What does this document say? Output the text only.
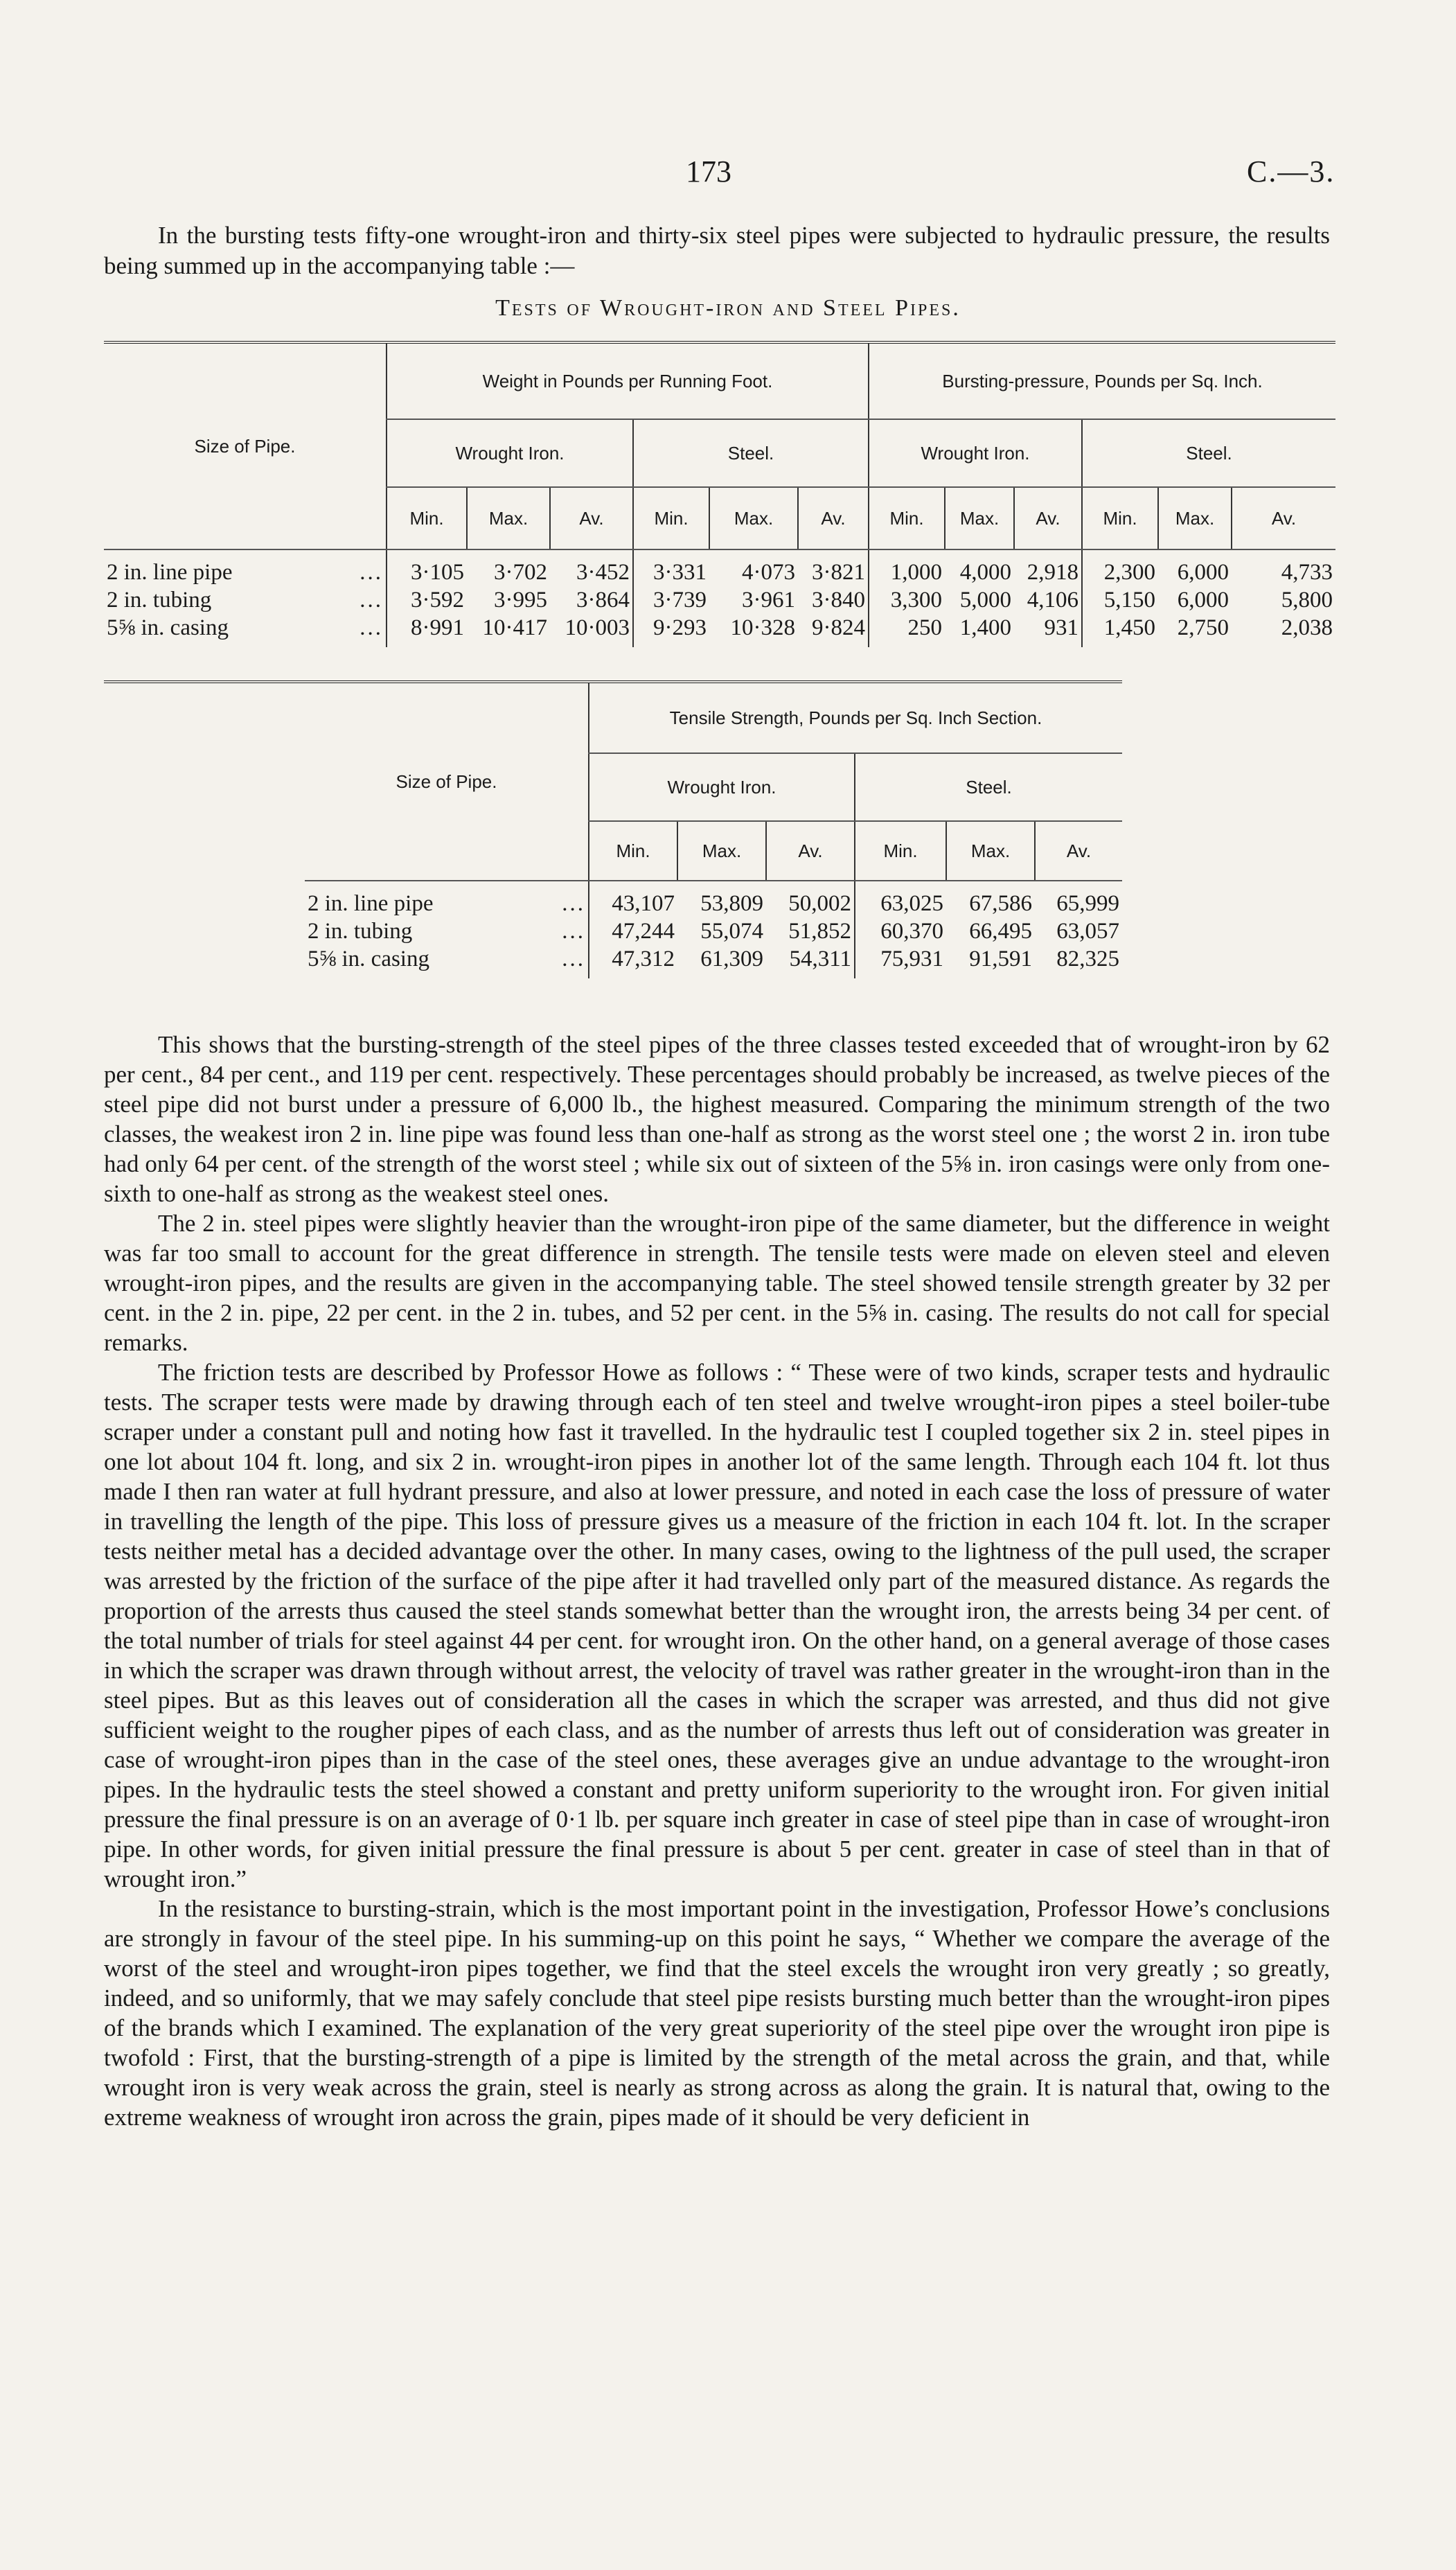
173	C.—3.

In the bursting tests fifty-one wrought-iron and thirty-six steel pipes were subjected to hydraulic pressure, the results being summed up in the accompanying table :—

Tests of Wrought-iron and Steel Pipes.
Size of Pipe.	Weight in Pounds per Running Foot.						Bursting-pressure, Pounds per Sq. Inch.					
	Wrought Iron.			Steel.			Wrought Iron.			Steel.		
	Min.	Max.	Av.	Min.	Max.	Av.	Min.	Max.	Av.	Min.	Max.	Av.
2 in. line pipe ...	3·105	3·702	3·452	3·331	4·073	3·821	1,000	4,000	2,918	2,300	6,000	4,733
2 in. tubing ...	3·592	3·995	3·864	3·739	3·961	3·840	3,300	5,000	4,106	5,150	6,000	5,800
5⅝ in. casing ...	8·991	10·417	10·003	9·293	10·328	9·824	250	1,400	931	1,450	2,750	2,038
Size of Pipe.	Tensile Strength, Pounds per Sq. Inch Section.					
	Wrought Iron.			Steel.		
	Min.	Max.	Av.	Min.	Max.	Av.
2 in. line pipe ...	43,107	53,809	50,002	63,025	67,586	65,999
2 in. tubing ...	47,244	55,074	51,852	60,370	66,495	63,057
5⅝ in. casing ...	47,312	61,309	54,311	75,931	91,591	82,325

This shows that the bursting-strength of the steel pipes of the three classes tested exceeded that of wrought-iron by 62 per cent., 84 per cent., and 119 per cent. respectively. These percentages should probably be increased, as twelve pieces of the steel pipe did not burst under a pressure of 6,000 lb., the highest measured. Comparing the minimum strength of the two classes, the weakest iron 2 in. line pipe was found less than one-half as strong as the worst steel one ; the worst 2 in. iron tube had only 64 per cent. of the strength of the worst steel ; while six out of sixteen of the 5⅝ in. iron casings were only from one-sixth to one-half as strong as the weakest steel ones.

The 2 in. steel pipes were slightly heavier than the wrought-iron pipe of the same diameter, but the difference in weight was far too small to account for the great difference in strength. The tensile tests were made on eleven steel and eleven wrought-iron pipes, and the results are given in the accompanying table. The steel showed tensile strength greater by 32 per cent. in the 2 in. pipe, 22 per cent. in the 2 in. tubes, and 52 per cent. in the 5⅝ in. casing. The results do not call for special remarks.

The friction tests are described by Professor Howe as follows : “ These were of two kinds, scraper tests and hydraulic tests. The scraper tests were made by drawing through each of ten steel and twelve wrought-iron pipes a steel boiler-tube scraper under a constant pull and noting how fast it travelled. In the hydraulic test I coupled together six 2 in. steel pipes in one lot about 104 ft. long, and six 2 in. wrought-iron pipes in another lot of the same length. Through each 104 ft. lot thus made I then ran water at full hydrant pressure, and also at lower pressure, and noted in each case the loss of pressure of water in travelling the length of the pipe. This loss of pressure gives us a measure of the friction in each 104 ft. lot. In the scraper tests neither metal has a decided advantage over the other. In many cases, owing to the lightness of the pull used, the scraper was arrested by the friction of the surface of the pipe after it had travelled only part of the measured distance. As regards the proportion of the arrests thus caused the steel stands somewhat better than the wrought iron, the arrests being 34 per cent. of the total number of trials for steel against 44 per cent. for wrought iron. On the other hand, on a general average of those cases in which the scraper was drawn through without arrest, the velocity of travel was rather greater in the wrought-iron than in the steel pipes. But as this leaves out of consideration all the cases in which the scraper was arrested, and thus did not give sufficient weight to the rougher pipes of each class, and as the number of arrests thus left out of consideration was greater in case of wrought-iron pipes than in the case of the steel ones, these averages give an undue advantage to the wrought-iron pipes. In the hydraulic tests the steel showed a constant and pretty uniform superiority to the wrought iron. For given initial pressure the final pressure is on an average of 0·1 lb. per square inch greater in case of steel pipe than in case of wrought-iron pipe. In other words, for given initial pressure the final pressure is about 5 per cent. greater in case of steel than in that of wrought iron.”

In the resistance to bursting-strain, which is the most important point in the investigation, Professor Howe’s conclusions are strongly in favour of the steel pipe. In his summing-up on this point he says, “ Whether we compare the average of the worst of the steel and wrought-iron pipes together, we find that the steel excels the wrought iron very greatly ; so greatly, indeed, and so uniformly, that we may safely conclude that steel pipe resists bursting much better than the wrought-iron pipes of the brands which I examined. The explanation of the very great superiority of the steel pipe over the wrought iron pipe is twofold : First, that the bursting-strength of a pipe is limited by the strength of the metal across the grain, and that, while wrought iron is very weak across the grain, steel is nearly as strong across as along the grain. It is natural that, owing to the extreme weakness of wrought iron across the grain, pipes made of it should be very deficient in
